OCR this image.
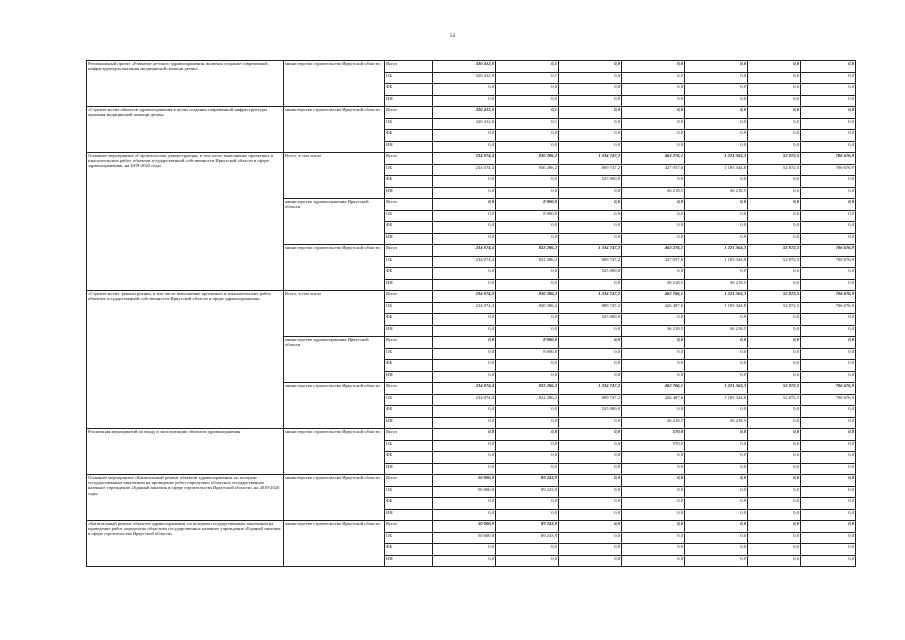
54
Региональный проект «Развитие детского здравоохранения, включая создание современной инфраструктуры оказания медицинской помощи детям»	министерство строительства Иркутской области	Всего	320 412,0	0,1	0,0	0,0	0,0	0,0	0,0
		ОБ	320 412,0	0,1	0,0	0,0	0,0	0,0	0,0
		ФБ	0,0	0,0	0,0	0,0	0,0	0,0	0,0
		ИИ	0,0	0,0	0,0	0,0	0,0	0,0	0,0
«Строительство объектов здравоохранения в целях создания современной инфраструктуры оказания медицинской помощи детям»	министерство строительства Иркутской области	Всего	320 412,0	0,1	0,0	0,0	0,0	0,0	0,0
		ОБ	320 412,0	0,1	0,0	0,0	0,0	0,0	0,0
		ФБ	0,0	0,0	0,0	0,0	0,0	0,0	0,0
		ИИ	0,0	0,0	0,0	0,0	0,0	0,0	0,0
Основное мероприятие «Строительство, реконструкция, в том числе выполнение проектных и изыскательских работ, объектов государственной собственности Иркутской области в сфере здравоохранения» на 2019-2025 годы	Всего, в том числе	Всего	234 074,4	830 286,2	1 334 747,2	463 276,1	1 221 563,3	52 872,5	706 676,9
		ОБ	234 074,4	830 286,2	809 747,2	427 057,6	1 185 344,8	52 872,5	706 676,9
		ФБ	0,0	0,0	525 000,0	0,0	0,0	0,0	0,0
		ИИ	0,0	0,0	0,0	36 218,5	36 218,5	0,0	0,0
	министерство здравоохранения Иркутской области	Всего	0,0	8 000,0	0,0	0,0	0,0	0,0	0,0
		ОБ	0,0	8 000,0	0,0	0,0	0,0	0,0	0,0
		ФБ	0,0	0,0	0,0	0,0	0,0	0,0	0,0
		ИИ	0,0	0,0	0,0	0,0	0,0	0,0	0,0
	министерство строительства Иркутской области	Всего	234 074,4	822 286,2	1 334 747,2	463 276,1	1 221 563,3	52 872,5	706 676,9
		ОБ	234 074,4	822 286,2	809 747,2	427 057,6	1 185 344,8	52 872,5	706 676,9
		ФБ	0,0	0,0	525 000,0	0,0	0,0	0,0	0,0
		ИИ	0,0	0,0	0,0	36 218,5	36 218,5	0,0	0,0
«Строительство, реконструкция, в том числе выполнение проектных и изыскательских работ, объектов государственной собственности Иркутской области в сфере здравоохранения»	Всего, в том числе	Всего	234 074,4	830 286,2	1 334 747,2	462 706,1	1 221 563,3	52 872,5	706 676,9
		ОБ	234 074,4	830 286,2	809 747,2	426 487,6	1 185 344,8	52 872,5	706 676,9
		ФБ	0,0	0,0	525 000,0	0,0	0,0	0,0	0,0
		ИИ	0,0	0,0	0,0	36 218,5	36 218,5	0,0	0,0
	министерство здравоохранения Иркутской области	Всего	0,0	8 000,0	0,0	0,0	0,0	0,0	0,0
		ОБ	0,0	8 000,0	0,0	0,0	0,0	0,0	0,0
		ФБ	0,0	0,0	0,0	0,0	0,0	0,0	0,0
		ИИ	0,0	0,0	0,0	0,0	0,0	0,0	0,0
	министерство строительства Иркутской области	Всего	234 074,4	822 286,2	1 334 747,2	462 706,1	1 221 563,3	52 872,5	706 676,9
		ОБ	234 074,4	822 286,2	809 747,2	426 487,6	1 185 344,8	52 872,5	706 676,9
		ФБ	0,0	0,0	525 000,0	0,0	0,0	0,0	0,0
		ИИ	0,0	0,0	0,0	36 218,5	36 218,5	0,0	0,0
Реализация мероприятий по вводу в эксплуатацию объектов здравоохранения	министерство строительства Иркутской области	Всего	0,0	0,0	0,0	570,0	0,0	0,0	0,0
		ОБ	0,0	0,0	0,0	570,0	0,0	0,0	0,0
		ФБ	0,0	0,0	0,0	0,0	0,0	0,0	0,0
		ИИ	0,0	0,0	0,0	0,0	0,0	0,0	0,0
Основное мероприятие «Капитальный ремонт объектов здравоохранения, по которым государственным заказчиком на проведение работ определено областное государственное казенное учреждение «Единый заказчик в сфере строительства Иркутской области» на 2019-2020 годы	министерство строительства Иркутской области	Всего	50 000,0	89 243,9	0,0	0,0	0,0	0,0	0,0
		ОБ	50 000,0	89 243,9	0,0	0,0	0,0	0,0	0,0
		ФБ	0,0	0,0	0,0	0,0	0,0	0,0	0,0
		ИИ	0,0	0,0	0,0	0,0	0,0	0,0	0,0
«Капитальный ремонт объектов здравоохранения, по которым государственным заказчиком на проведение работ определено областное государственное казенное учреждение «Единый заказчик в сфере строительства Иркутской области»	министерство строительства Иркутской области	Всего	50 000,0	89 243,9	0,0	0,0	0,0	0,0	0,0
		ОБ	50 000,0	89 243,9	0,0	0,0	0,0	0,0	0,0
		ФБ	0,0	0,0	0,0	0,0	0,0	0,0	0,0
		ИИ	0,0	0,0	0,0	0,0	0,0	0,0	0,0
